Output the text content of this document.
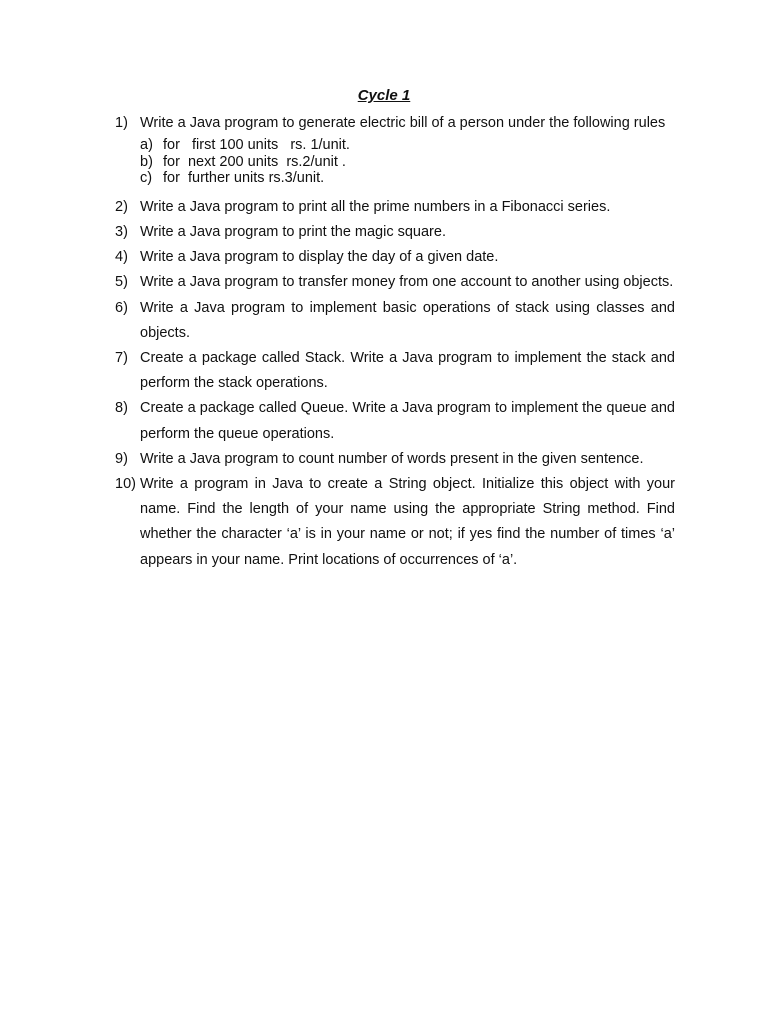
Cycle 1
1) Write a Java program to generate electric bill of a person under the following rules
a) for   first 100 units   rs. 1/unit.
b) for  next 200 units  rs.2/unit .
c) for  further units rs.3/unit.
2) Write a Java program to print all the prime numbers in a Fibonacci series.
3) Write a Java program to print the magic square.
4) Write a Java program to display the day of a given date.
5) Write a Java program to transfer money from one account to another using objects.
6) Write a Java program to implement basic operations of stack using classes and objects.
7) Create a package called Stack. Write a Java program to implement the stack and perform the stack operations.
8) Create a package called Queue. Write a Java program to implement the queue and perform the queue operations.
9) Write a Java program to count number of words present in the given sentence.
10) Write a program in Java to create a String object. Initialize this object with your name. Find the length of your name using the appropriate String method. Find whether the character ‘a’ is in your name or not; if yes find the number of times ‘a’ appears in your name. Print locations of occurrences of ‘a’.
